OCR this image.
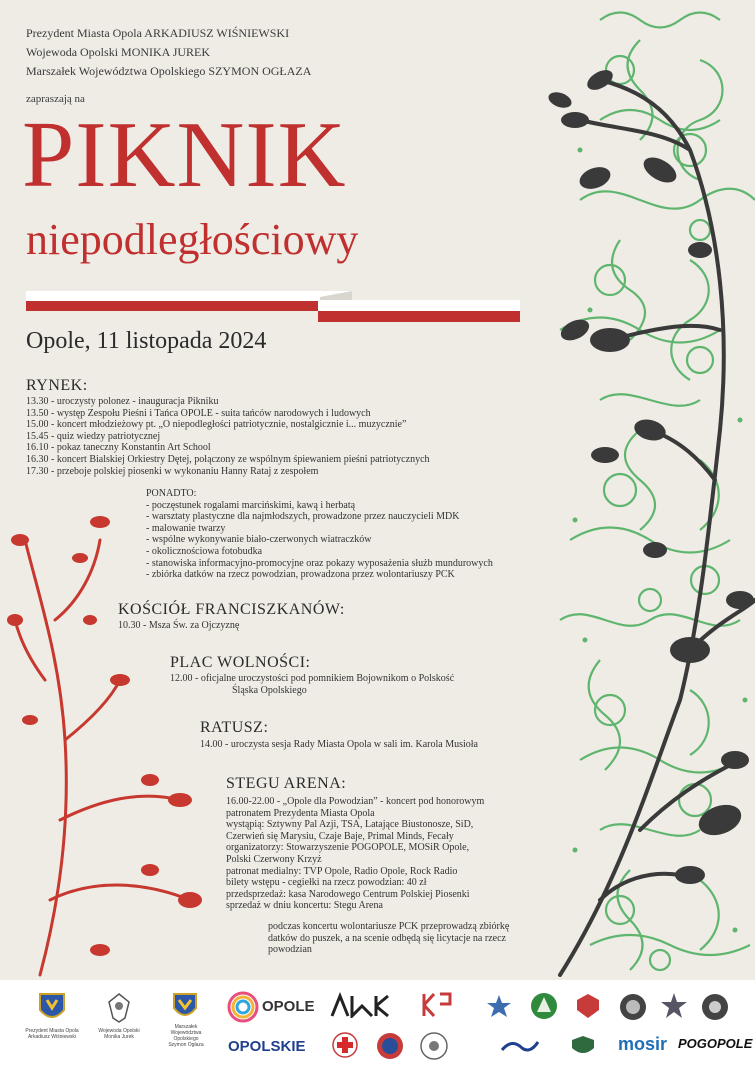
Prezydent Miasta Opola ARKADIUSZ WIŚNIEWSKI
Wojewoda Opolski MONIKA JUREK
Marszałek Województwa Opolskiego SZYMON OGŁAZA
zapraszają na
PIKNIK
niepodległościowy
Opole, 11 listopada 2024
RYNEK:
13.30 - uroczysty polonez - inauguracja Pikniku
13.50 - występ Zespołu Pieśni i Tańca OPOLE - suita tańców narodowych i ludowych
15.00 - koncert młodzieżowy pt. „O niepodległości patriotycznie, nostalgicznie i... muzycznie”
15.45 - quiz wiedzy patriotycznej
16.10 - pokaz taneczny Konstantin Art School
16.30 - koncert Bialskiej Orkiestry Dętej, połączony ze wspólnym śpiewaniem pieśni patriotycznych
17.30 - przeboje polskiej piosenki w wykonaniu Hanny Rataj z zespołem
PONADTO:
- poczęstunek rogalami marcińskimi, kawą i herbatą
- warsztaty plastyczne dla najmłodszych, prowadzone przez nauczycieli MDK
- malowanie twarzy
- wspólne wykonywanie biało-czerwonych wiatraczków
- okolicznościowa fotobudka
- stanowiska informacyjno-promocyjne oraz pokazy wyposażenia służb mundurowych
- zbiórka datków na rzecz powodzian, prowadzona przez wolontariuszy PCK
KOŚCIÓŁ FRANCISZKANÓW:
10.30 - Msza Św. za Ojczyznę
PLAC WOLNOŚCI:
12.00 - oficjalne uroczystości pod pomnikiem Bojownikom o Polskość
Śląska Opolskiego
RATUSZ:
14.00 - uroczysta sesja Rady Miasta Opola w sali im. Karola Musioła
STEGU ARENA:
16.00-22.00 - „Opole dla Powodzian” - koncert pod honorowym
patronatem Prezydenta Miasta Opola
wystąpią: Sztywny Pal Azji, TSA, Latające Biustonosze, SiD,
Czerwień się Marysiu, Czaje Baje, Primal Minds, Fecały
organizatorzy: Stowarzyszenie POGOPOLE, MOSiR Opole,
Polski Czerwony Krzyż
patronat medialny: TVP Opole, Radio Opole, Rock Radio
bilety wstępu - cegiełki na rzecz powodzian: 40 zł
przedsprzedaż: kasa Narodowego Centrum Polskiej Piosenki
sprzedaż w dniu koncertu: Stegu Arena
podczas koncertu wolontariusze PCK przeprowadzą zbiórkę
datków do puszek, a na scenie odbędą się licytacje na rzecz
powodzian
Prezydent Miasta Opola
Arkadiusz Wiśniewski
Wojewoda Opolski
Monika Jurek
Marszałek
Województwa Opolskiego
Szymon Ogłaza
OPOLE
OPOLSKIE	mosir POGOPOLE
